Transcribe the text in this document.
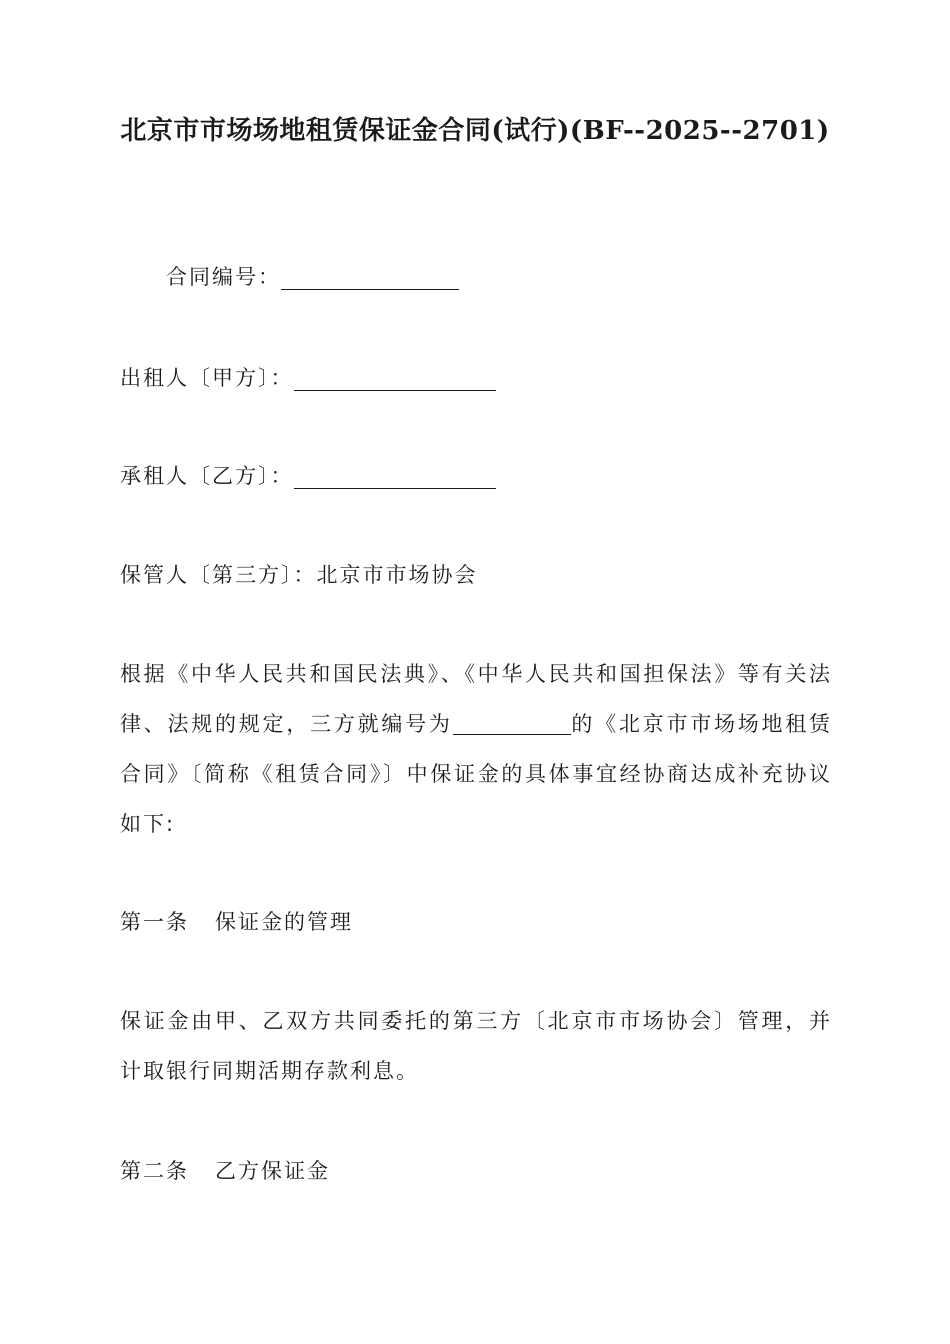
北京市市场场地租赁保证金合同(试行)(BF--2025--2701)
合同编号：
出租人〔甲方〕：
承租人〔乙方〕：
保管人〔第三方〕：北京市市场协会
根据《中华人民共和国民法典》、《中华人民共和国担保法》等有关法律、法规的规定，三方就编号为	的《北京市市场场地租赁合同》〔简称《租赁合同》〕中保证金的具体事宜经协商达成补充协议如下:
第一条 保证金的管理
保证金由甲、乙双方共同委托的第三方〔北京市市场协会〕管理，并计取银行同期活期存款利息。
第二条 乙方保证金
